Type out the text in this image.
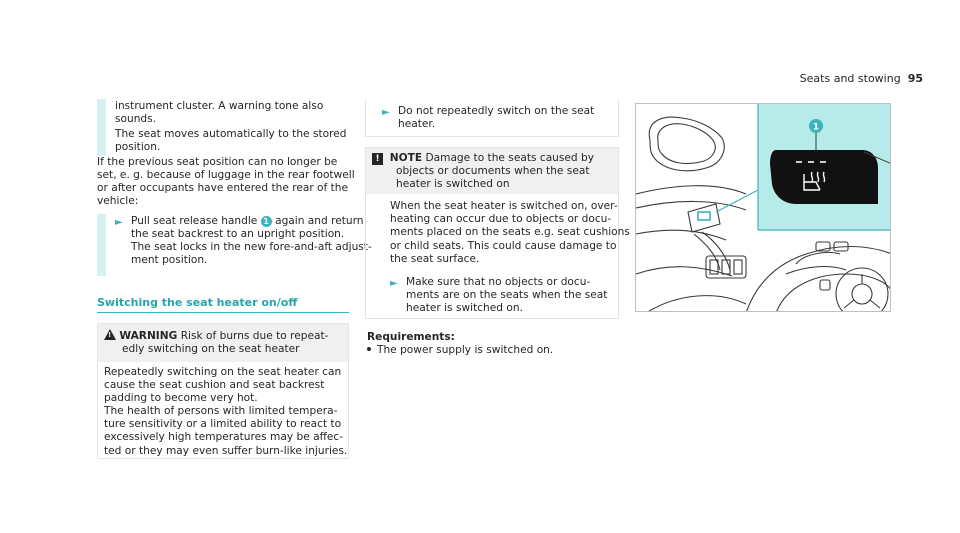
Seats and stowing 95
instrument cluster. A warning tone also
sounds.
The seat moves automatically to the stored
position.
If the previous seat position can no longer be
set, e. g. because of luggage in the rear footwell
or after occupants have entered the rear of the
vehicle:
► Pull seat release handle 1 again and return
the seat backrest to an upright position.
The seat locks in the new fore-and-aft adjust-
ment position.
Switching the seat heater on/off
! WARNING Risk of burns due to repeat-
edly switching on the seat heater
Repeatedly switching on the seat heater can
cause the seat cushion and seat backrest
padding to become very hot.
The health of persons with limited tempera-
ture sensitivity or a limited ability to react to
excessively high temperatures may be affec-
ted or they may even suffer burn-like injuries.
► Do not repeatedly switch on the seat
heater.
! NOTE Damage to the seats caused by
objects or documents when the seat
heater is switched on
When the seat heater is switched on, over-
heating can occur due to objects or docu-
ments placed on the seats e.g. seat cushions
or child seats. This could cause damage to
the seat surface.
► Make sure that no objects or docu-
ments are on the seats when the seat
heater is switched on.
Requirements:
The power supply is switched on.
1
